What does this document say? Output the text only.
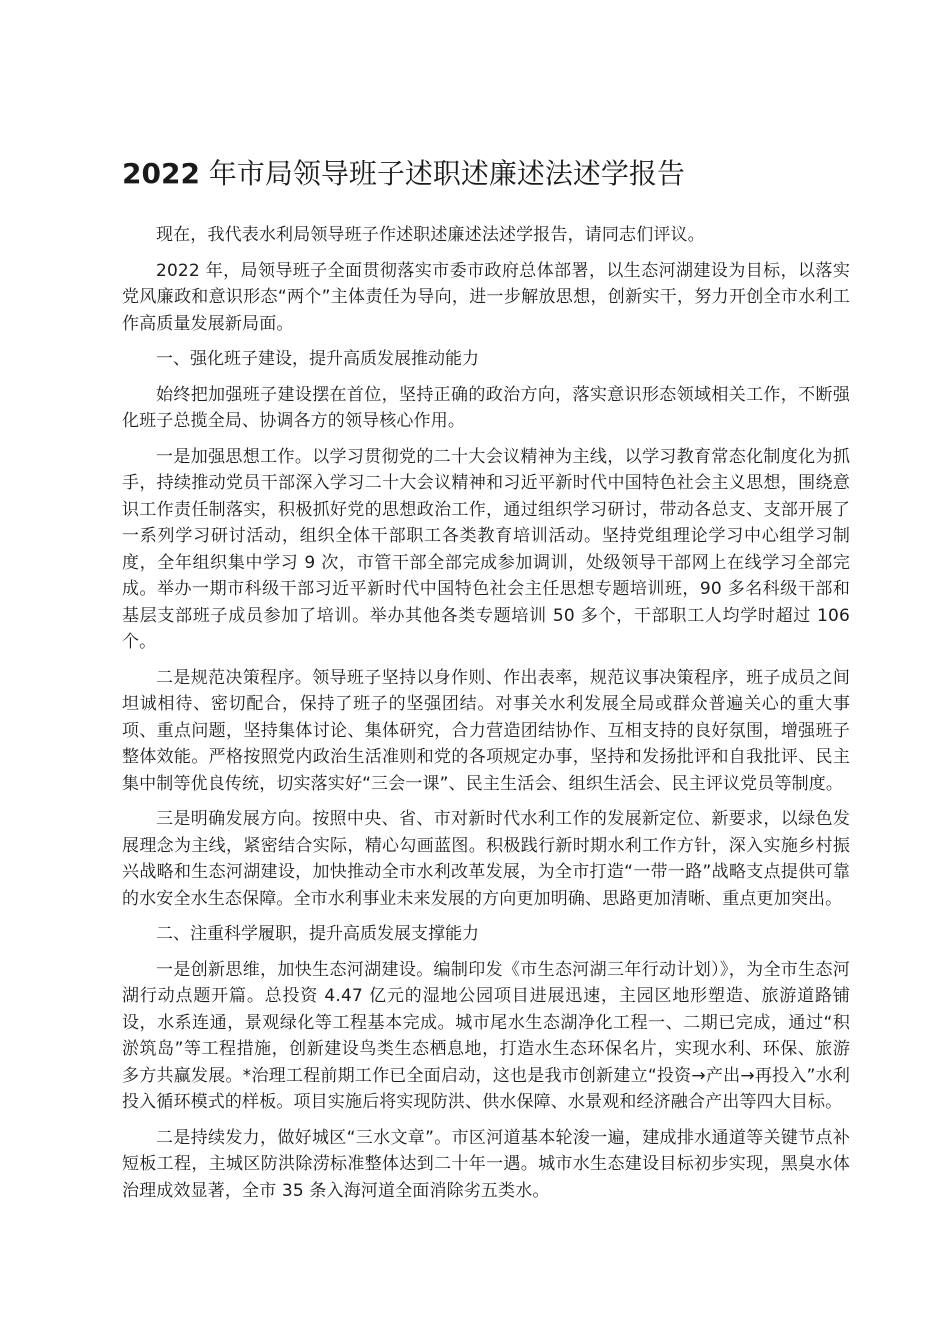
2022 年市局领导班子述职述廉述法述学报告

现在，我代表水利局领导班子作述职述廉述法述学报告，请同志们评议。

2022 年，局领导班子全面贯彻落实市委市政府总体部署，以生态河湖建设为目标，以落实党风廉政和意识形态“两个”主体责任为导向，进一步解放思想，创新实干，努力开创全市水利工作高质量发展新局面。

一、强化班子建设，提升高质发展推动能力

始终把加强班子建设摆在首位，坚持正确的政治方向，落实意识形态领域相关工作，不断强化班子总揽全局、协调各方的领导核心作用。

一是加强思想工作。以学习贯彻党的二十大会议精神为主线，以学习教育常态化制度化为抓手，持续推动党员干部深入学习二十大会议精神和习近平新时代中国特色社会主义思想，围绕意识工作责任制落实，积极抓好党的思想政治工作，通过组织学习研讨，带动各总支、支部开展了一系列学习研讨活动，组织全体干部职工各类教育培训活动。坚持党组理论学习中心组学习制度，全年组织集中学习 9 次，市管干部全部完成参加调训，处级领导干部网上在线学习全部完成。举办一期市科级干部习近平新时代中国特色社会主任思想专题培训班，90 多名科级干部和基层支部班子成员参加了培训。举办其他各类专题培训 50 多个，干部职工人均学时超过 106 个。

二是规范决策程序。领导班子坚持以身作则、作出表率，规范议事决策程序，班子成员之间坦诚相待、密切配合，保持了班子的坚强团结。对事关水利发展全局或群众普遍关心的重大事项、重点问题，坚持集体讨论、集体研究，合力营造团结协作、互相支持的良好氛围，增强班子整体效能。严格按照党内政治生活准则和党的各项规定办事，坚持和发扬批评和自我批评、民主集中制等优良传统，切实落实好“三会一课”、民主生活会、组织生活会、民主评议党员等制度。

三是明确发展方向。按照中央、省、市对新时代水利工作的发展新定位、新要求，以绿色发展理念为主线，紧密结合实际，精心勾画蓝图。积极践行新时期水利工作方针，深入实施乡村振兴战略和生态河湖建设，加快推动全市水利改革发展，为全市打造“一带一路”战略支点提供可靠的水安全水生态保障。全市水利事业未来发展的方向更加明确、思路更加清晰、重点更加突出。

二、注重科学履职，提升高质发展支撑能力

一是创新思维，加快生态河湖建设。编制印发《市生态河湖三年行动计划）》，为全市生态河湖行动点题开篇。总投资 4.47 亿元的湿地公园项目进展迅速，主园区地形塑造、旅游道路铺设，水系连通，景观绿化等工程基本完成。城市尾水生态湖净化工程一、二期已完成，通过“积淤筑岛”等工程措施，创新建设鸟类生态栖息地，打造水生态环保名片，实现水利、环保、旅游多方共赢发展。*治理工程前期工作已全面启动，这也是我市创新建立“投资→产出→再投入”水利投入循环模式的样板。项目实施后将实现防洪、供水保障、水景观和经济融合产出等四大目标。

二是持续发力，做好城区“三水文章”。市区河道基本轮浚一遍，建成排水通道等关键节点补短板工程，主城区防洪除涝标准整体达到二十年一遇。城市水生态建设目标初步实现，黑臭水体治理成效显著，全市 35 条入海河道全面消除劣五类水。
